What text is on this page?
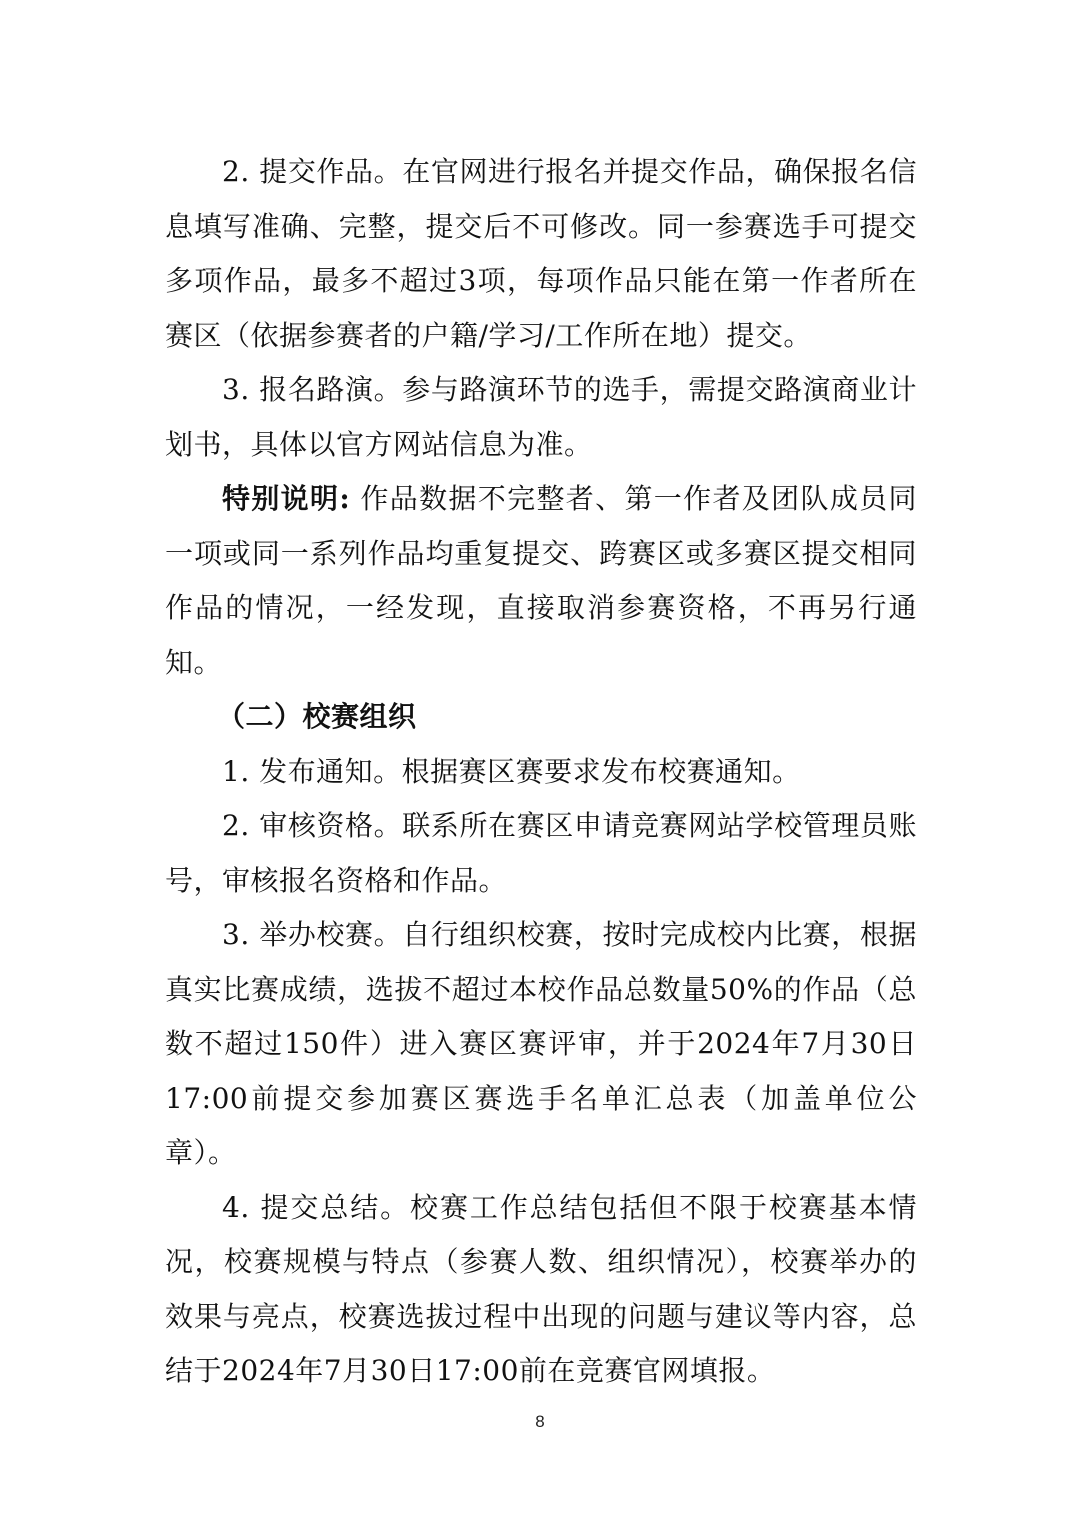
2. 提交作品。在官网进行报名并提交作品，确保报名信息填写准确、完整，提交后不可修改。同一参赛选手可提交多项作品，最多不超过3项，每项作品只能在第一作者所在赛区（依据参赛者的户籍/学习/工作所在地）提交。

3. 报名路演。参与路演环节的选手，需提交路演商业计划书，具体以官方网站信息为准。

特别说明: 作品数据不完整者、第一作者及团队成员同一项或同一系列作品均重复提交、跨赛区或多赛区提交相同作品的情况，一经发现，直接取消参赛资格，不再另行通知。

（二）校赛组织

1. 发布通知。根据赛区赛要求发布校赛通知。

2. 审核资格。联系所在赛区申请竞赛网站学校管理员账号，审核报名资格和作品。

3. 举办校赛。自行组织校赛，按时完成校内比赛，根据真实比赛成绩，选拔不超过本校作品总数量50%的作品（总数不超过150件）进入赛区赛评审，并于2024年7月30日17:00前提交参加赛区赛选手名单汇总表（加盖单位公章）。

4. 提交总结。校赛工作总结包括但不限于校赛基本情况，校赛规模与特点（参赛人数、组织情况），校赛举办的效果与亮点，校赛选拔过程中出现的问题与建议等内容，总结于2024年7月30日17:00前在竞赛官网填报。

8
